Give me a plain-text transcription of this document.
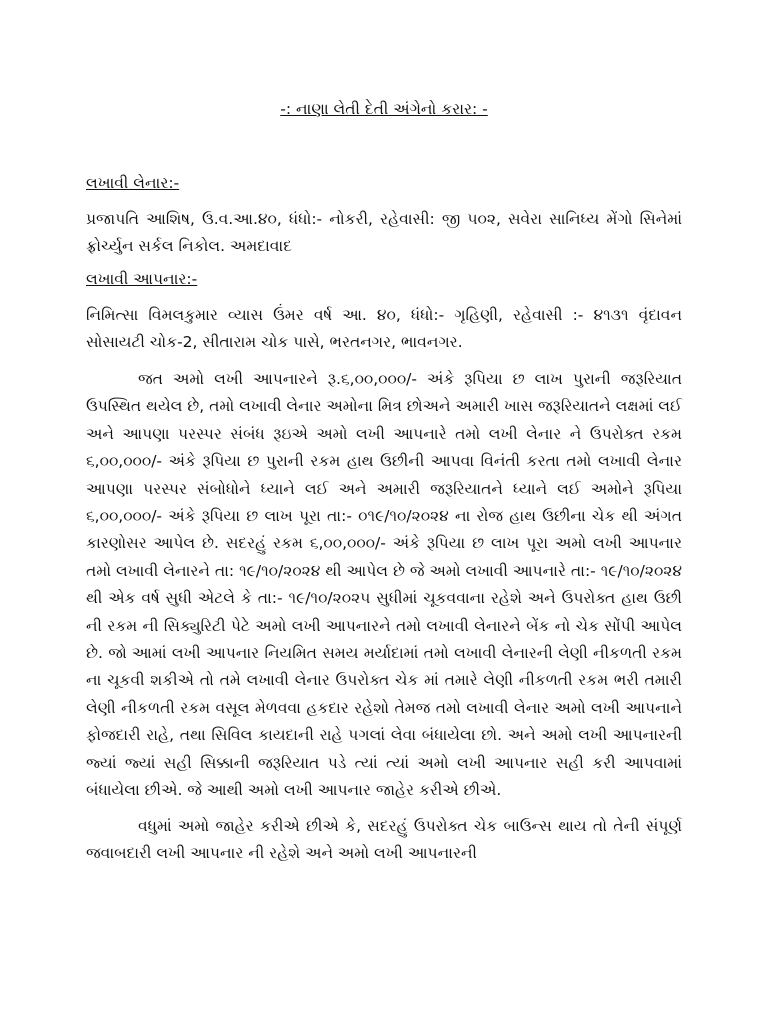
-: નાણા લેતી દેતી અંગેનો કરાર: -
લખાવી લેનાર:-
પ્રજાપતિ આશિષ, ઉ.વ.આ.૪૦, ધંધો:- નોકરી, રહેવાસી: જી ૫૦૨, સવેરા સાનિધ્ય મેંગો સિનેમાં ફ્રોર્ચ્યુન સર્કલ નિકોલ. અમદાવાદ
લખાવી આપનાર:-
નિમિત્સા વિમલકુમાર વ્યાસ ઉંમર વર્ષ આ. ૪૦, ધંધો:- ગૃહિણી, રહેવાસી :- ૪૧૩૧ વૃંદાવન સોસાયટી ચોક-2, સીતારામ ચોક પાસે, ભરતનગર, ભાવનગર.
જત અમો લખી આપનારને રૂ.૬,૦૦,૦૦૦/- અંકે રૂપિયા છ લાખ પુરાની જરૂરિયાત ઉપસ્થિત થયેલ છે, તમો લખાવી લેનાર અમોના મિત્ર છોઅને અમારી ખાસ જરૂરિયાતને લક્ષમાં લઈ અને આપણા પરસ્પર સંબંધ રૂઇએ અમો લખી આપનારે તમો લખી લેનાર ને ઉપરોક્ત રકમ ૬,૦૦,૦૦૦/- અંકે રૂપિયા છ પુરાની રકમ હાથ ઉછીની આપવા વિનંતી કરતા તમો લખાવી લેનાર આપણા પરસ્પર સંબોધોને ધ્યાને લઈ અને અમારી જરૂરિયાતને ધ્યાને લઈ અમોને રૂપિયા ૬,૦૦,૦૦૦/- અંકે રૂપિયા છ લાખ પૂરા તા:- ૦૧૯/૧૦/૨૦૨૪ ના રોજ હાથ ઉછીના ચેક થી અંગત કારણોસર આપેલ છે. સદરહું રકમ ૬,૦૦,૦૦૦/- અંકે રૂપિયા છ લાખ પૂરા અમો લખી આપનાર તમો લખાવી લેનારને તા: ૧૯/૧૦/૨૦૨૪ થી આપેલ છે જે અમો લખાવી આપનારે તા:- ૧૯/૧૦/૨૦૨૪ થી એક વર્ષ સુધી એટલે કે તા:- ૧૯/૧૦/૨૦૨૫ સુધીમાં ચૂકવવાના રહેશે અને ઉપરોક્ત હાથ ઉછી ની રકમ ની સિક્યુરિટી પેટે અમો લખી આપનારને તમો લખાવી લેનારને બેંક નો ચેક સોંપી આપેલ છે. જો આમાં લખી આપનાર નિયમિત સમય મર્યાદામાં તમો લખાવી લેનારની લેણી નીકળતી રકમ ના ચૂકવી શકીએ તો તમે લખાવી લેનાર ઉપરોક્ત ચેક માં તમારે લેણી નીકળતી રકમ ભરી તમારી લેણી નીકળતી રકમ વસૂલ મેળવવા હકદાર રહેશો તેમજ તમો લખાવી લેનાર અમો લખી આપનાને ફોજદારી રાહે, તથા સિવિલ કાયદાની રાહે પગલાં લેવા બંધાયેલા છો. અને અમો લખી આપનારની જ્યાં જ્યાં સહી સિક્કાની જરૂરિયાત પડે ત્યાં ત્યાં અમો લખી આપનાર સહી કરી આપવામાં બંધાયેલા છીએ. જે આથી અમો લખી આપનાર જાહેર કરીએ છીએ.
વધુમાં અમો જાહેર કરીએ છીએ કે, સદરહું ઉપરોક્ત ચેક બાઉન્સ થાય તો તેની સંપૂર્ણ જવાબદારી લખી આપનાર ની રહેશે અને અમો લખી આપનારની
